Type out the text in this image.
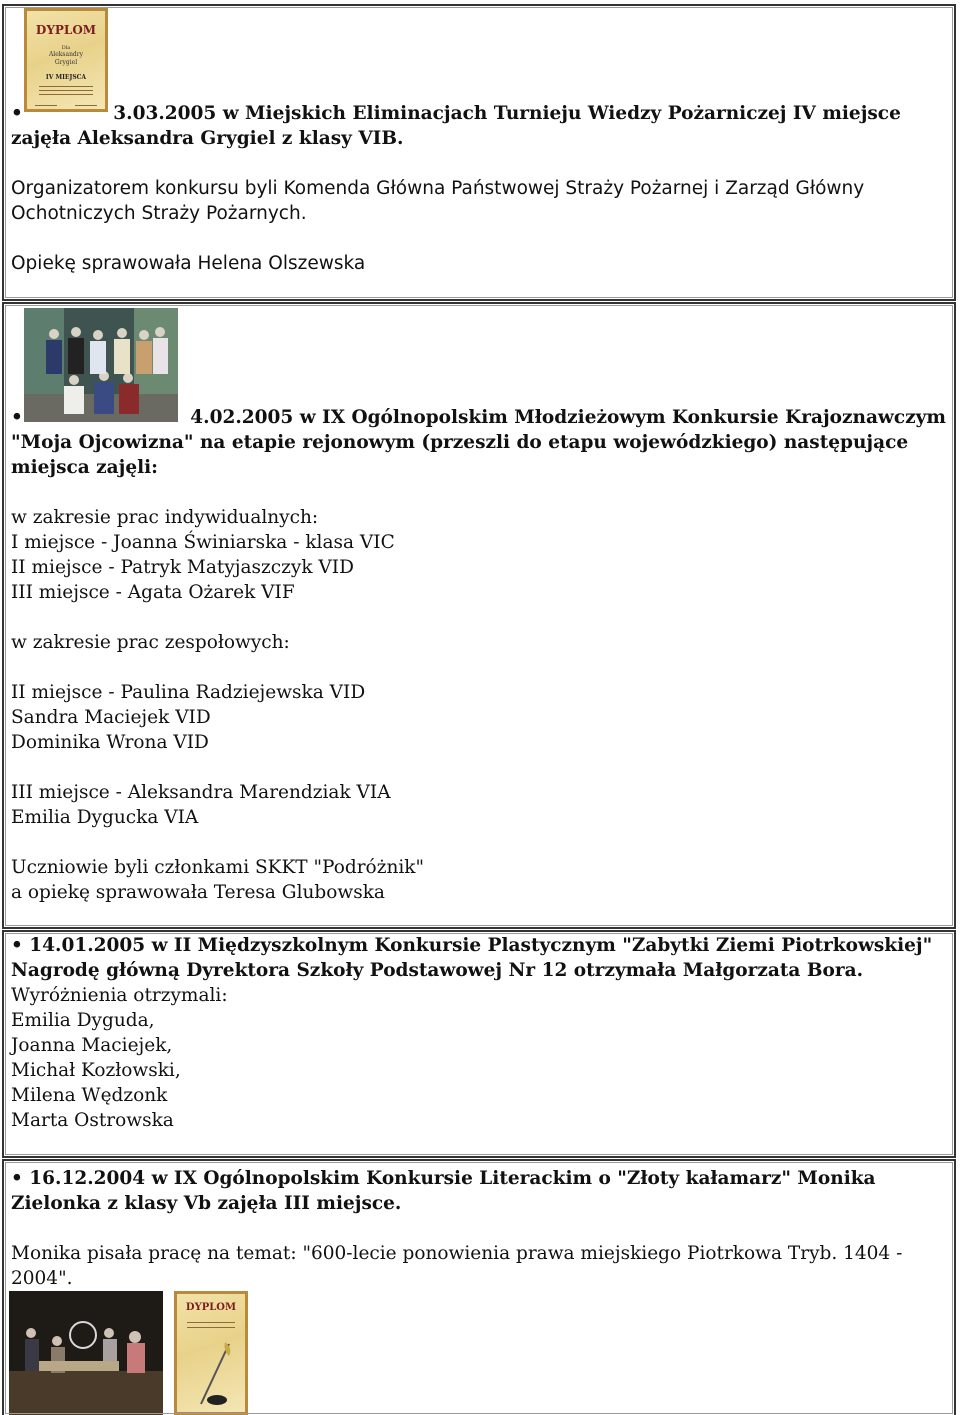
DYPLOM
Dla
Aleksandry
Grygiel
IV MIEJSCA
•	3.03.2005 w Miejskich Eliminacjach Turnieju Wiedzy Pożarniczej IV miejsce
zajęła Aleksandra Grygiel z klasy VIB.
Organizatorem konkursu byli Komenda Główna Państwowej Straży Pożarnej i Zarząd Główny
Ochotniczych Straży Pożarnych.
Opiekę sprawowała Helena Olszewska
•	4.02.2005 w IX Ogólnopolskim Młodzieżowym Konkursie Krajoznawczym
"Moja Ojcowizna" na etapie rejonowym (przeszli do etapu wojewódzkiego) następujące
miejsca zajęli:
w zakresie prac indywidualnych:
I miejsce - Joanna Świniarska - klasa VIC
II miejsce - Patryk Matyjaszczyk VID
III miejsce - Agata Ożarek VIF
w zakresie prac zespołowych:
II miejsce - Paulina Radziejewska VID
Sandra Maciejek VID
Dominika Wrona VID
III miejsce - Aleksandra Marendziak VIA
Emilia Dygucka VIA
Uczniowie byli członkami SKKT "Podróżnik"
a opiekę sprawowała Teresa Glubowska
• 14.01.2005 w II Międzyszkolnym Konkursie Plastycznym "Zabytki Ziemi Piotrkowskiej"
Nagrodę główną Dyrektora Szkoły Podstawowej Nr 12 otrzymała Małgorzata Bora.
Wyróżnienia otrzymali:
Emilia Dyguda,
Joanna Maciejek,
Michał Kozłowski,
Milena Wędzonk
Marta Ostrowska
• 16.12.2004 w IX Ogólnopolskim Konkursie Literackim o "Złoty kałamarz" Monika
Zielonka z klasy Vb zajęła III miejsce.
Monika pisała pracę na temat: "600-lecie ponowienia prawa miejskiego Piotrkowa Tryb. 1404 -
2004".
DYPLOM
